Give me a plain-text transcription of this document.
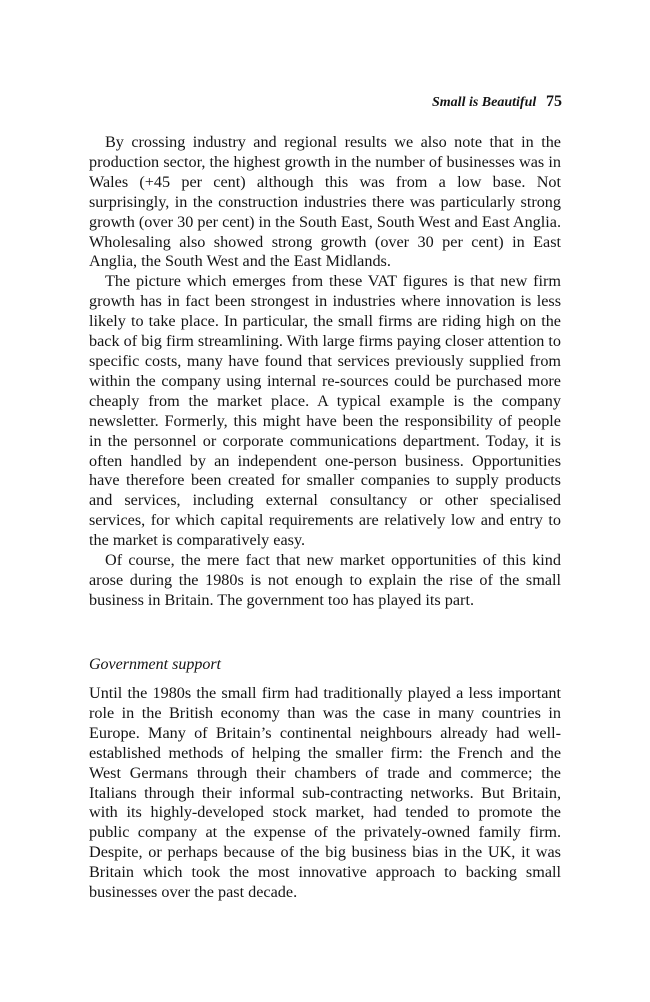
Small is Beautiful 75

By crossing industry and regional results we also note that in the production sector, the highest growth in the number of businesses was in Wales (+45 per cent) although this was from a low base. Not surprisingly, in the construction industries there was particularly strong growth (over 30 per cent) in the South East, South West and East Anglia. Wholesaling also showed strong growth (over 30 per cent) in East Anglia, the South West and the East Midlands.

The picture which emerges from these VAT figures is that new firm growth has in fact been strongest in industries where innovation is less likely to take place. In particular, the small firms are riding high on the back of big firm streamlining. With large firms paying closer attention to specific costs, many have found that services previously supplied from within the company using internal re-sources could be purchased more cheaply from the market place. A typical example is the company newsletter. Formerly, this might have been the responsibility of people in the personnel or corporate communications department. Today, it is often handled by an independent one-person business. Opportunities have therefore been created for smaller companies to supply products and services, including external consultancy or other specialised services, for which capital requirements are relatively low and entry to the market is comparatively easy.

Of course, the mere fact that new market opportunities of this kind arose during the 1980s is not enough to explain the rise of the small business in Britain. The government too has played its part.

Government support

Until the 1980s the small firm had traditionally played a less important role in the British economy than was the case in many countries in Europe. Many of Britain’s continental neighbours already had well-established methods of helping the smaller firm: the French and the West Germans through their chambers of trade and commerce; the Italians through their informal sub-contracting networks. But Britain, with its highly-developed stock market, had tended to promote the public company at the expense of the privately-owned family firm. Despite, or perhaps because of the big business bias in the UK, it was Britain which took the most innovative approach to backing small businesses over the past decade.
